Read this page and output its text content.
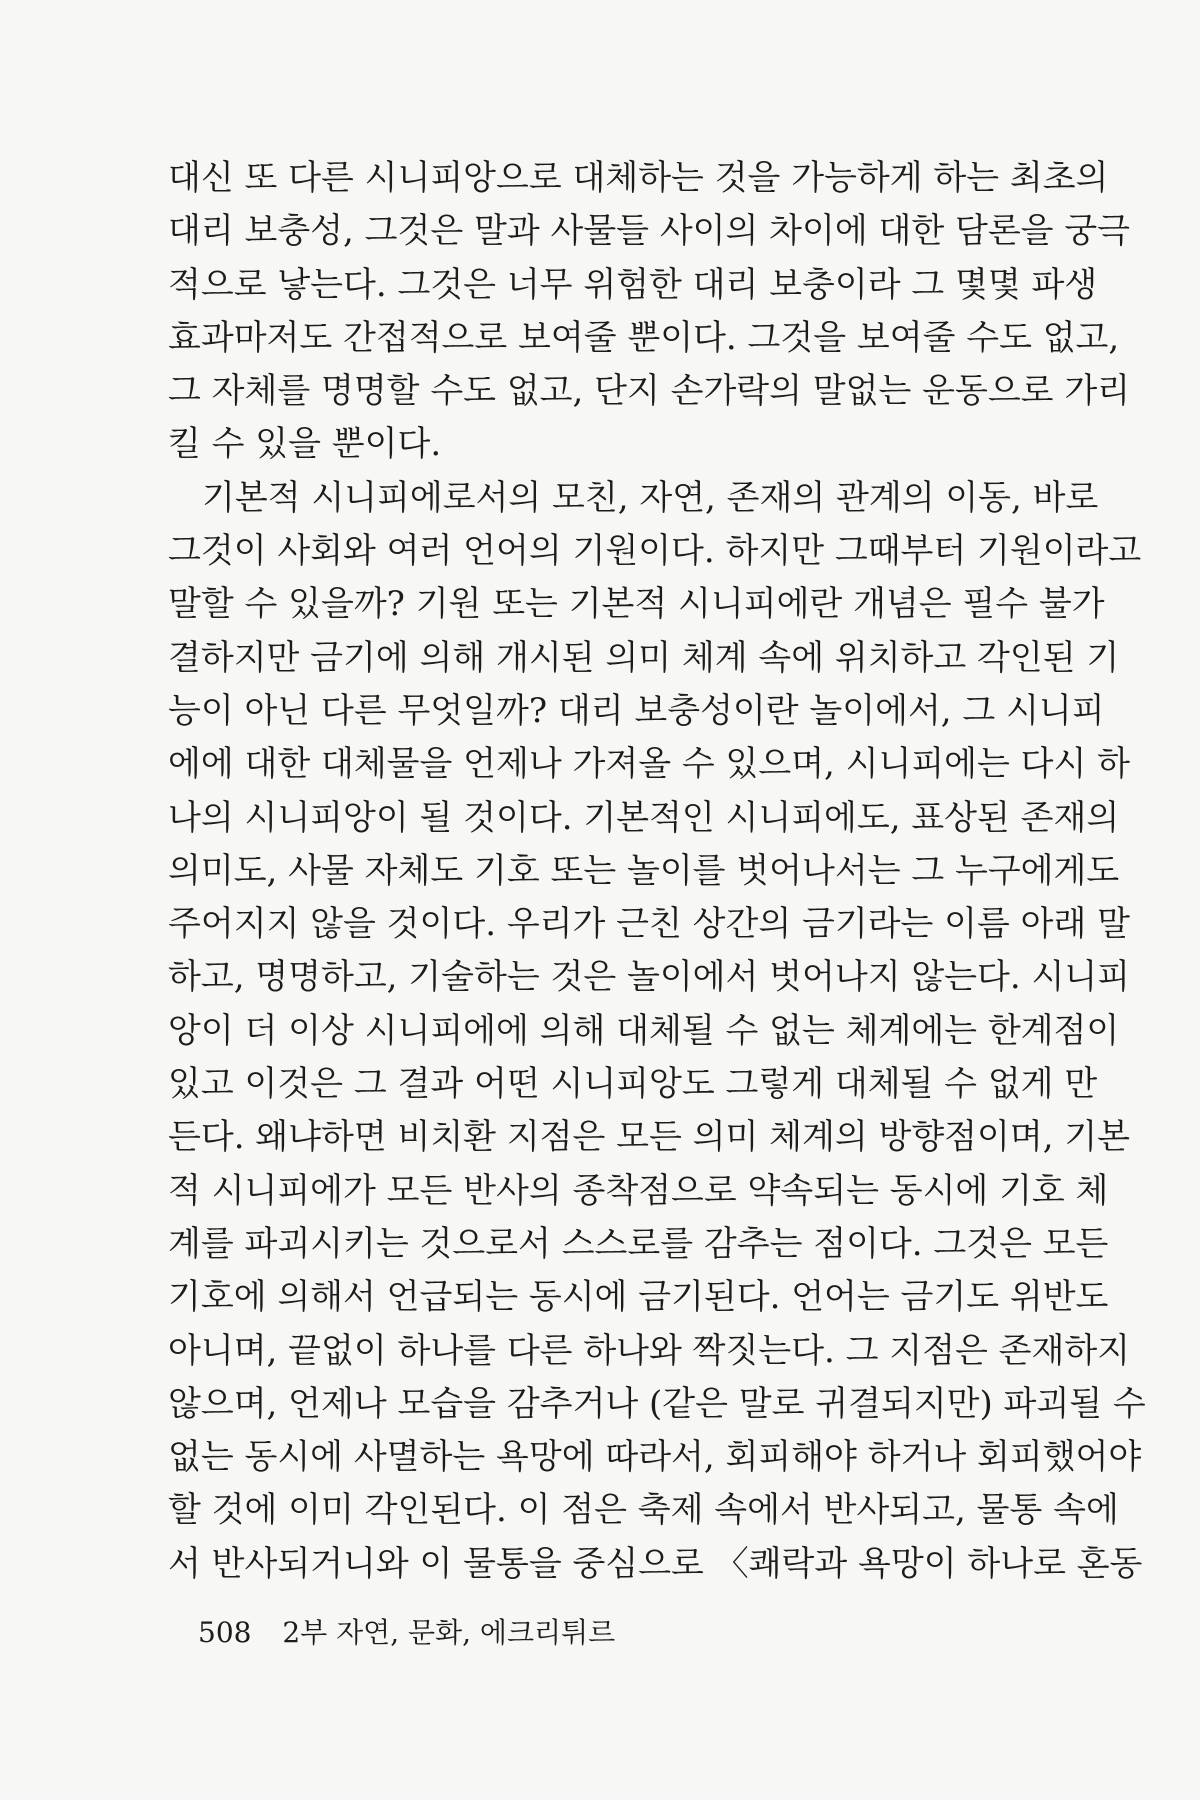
대신 또 다른 시니피앙으로 대체하는 것을 가능하게 하는 최초의
대리 보충성, 그것은 말과 사물들 사이의 차이에 대한 담론을 궁극
적으로 낳는다. 그것은 너무 위험한 대리 보충이라 그 몇몇 파생
효과마저도 간접적으로 보여줄 뿐이다. 그것을 보여줄 수도 없고,
그 자체를 명명할 수도 없고, 단지 손가락의 말없는 운동으로 가리
킬 수 있을 뿐이다.
기본적 시니피에로서의 모친, 자연, 존재의 관계의 이동, 바로
그것이 사회와 여러 언어의 기원이다. 하지만 그때부터 기원이라고
말할 수 있을까? 기원 또는 기본적 시니피에란 개념은 필수 불가
결하지만 금기에 의해 개시된 의미 체계 속에 위치하고 각인된 기
능이 아닌 다른 무엇일까? 대리 보충성이란 놀이에서, 그 시니피
에에 대한 대체물을 언제나 가져올 수 있으며, 시니피에는 다시 하
나의 시니피앙이 될 것이다. 기본적인 시니피에도, 표상된 존재의
의미도, 사물 자체도 기호 또는 놀이를 벗어나서는 그 누구에게도
주어지지 않을 것이다. 우리가 근친 상간의 금기라는 이름 아래 말
하고, 명명하고, 기술하는 것은 놀이에서 벗어나지 않는다. 시니피
앙이 더 이상 시니피에에 의해 대체될 수 없는 체계에는 한계점이
있고 이것은 그 결과 어떤 시니피앙도 그렇게 대체될 수 없게 만
든다. 왜냐하면 비치환 지점은 모든 의미 체계의 방향점이며, 기본
적 시니피에가 모든 반사의 종착점으로 약속되는 동시에 기호 체
계를 파괴시키는 것으로서 스스로를 감추는 점이다. 그것은 모든
기호에 의해서 언급되는 동시에 금기된다. 언어는 금기도 위반도
아니며, 끝없이 하나를 다른 하나와 짝짓는다. 그 지점은 존재하지
않으며, 언제나 모습을 감추거나 (같은 말로 귀결되지만) 파괴될 수
없는 동시에 사멸하는 욕망에 따라서, 회피해야 하거나 회피했어야
할 것에 이미 각인된다. 이 점은 축제 속에서 반사되고, 물통 속에
서 반사되거니와 이 물통을 중심으로 〈쾌락과 욕망이 하나로 혼동
508 2부 자연, 문화, 에크리튀르
